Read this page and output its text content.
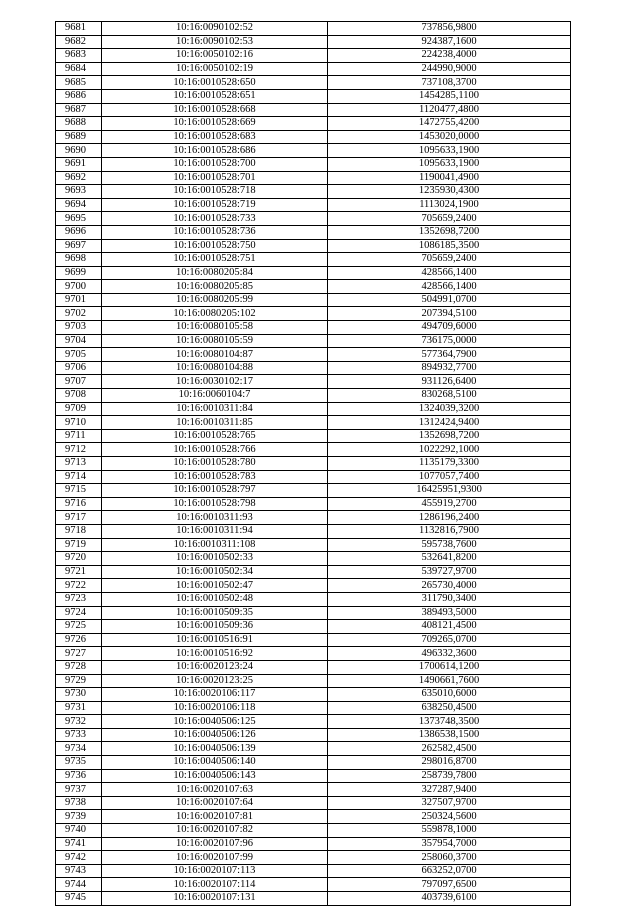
9681	10:16:0090102:52	737856,9800
9682	10:16:0090102:53	924387,1600
9683	10:16:0050102:16	224238,4000
9684	10:16:0050102:19	244990,9000
9685	10:16:0010528:650	737108,3700
9686	10:16:0010528:651	1454285,1100
9687	10:16:0010528:668	1120477,4800
9688	10:16:0010528:669	1472755,4200
9689	10:16:0010528:683	1453020,0000
9690	10:16:0010528:686	1095633,1900
9691	10:16:0010528:700	1095633,1900
9692	10:16:0010528:701	1190041,4900
9693	10:16:0010528:718	1235930,4300
9694	10:16:0010528:719	1113024,1900
9695	10:16:0010528:733	705659,2400
9696	10:16:0010528:736	1352698,7200
9697	10:16:0010528:750	1086185,3500
9698	10:16:0010528:751	705659,2400
9699	10:16:0080205:84	428566,1400
9700	10:16:0080205:85	428566,1400
9701	10:16:0080205:99	504991,0700
9702	10:16:0080205:102	207394,5100
9703	10:16:0080105:58	494709,6000
9704	10:16:0080105:59	736175,0000
9705	10:16:0080104:87	577364,7900
9706	10:16:0080104:88	894932,7700
9707	10:16:0030102:17	931126,6400
9708	10:16:0060104:7	830268,5100
9709	10:16:0010311:84	1324039,3200
9710	10:16:0010311:85	1312424,9400
9711	10:16:0010528:765	1352698,7200
9712	10:16:0010528:766	1022292,1000
9713	10:16:0010528:780	1135179,3300
9714	10:16:0010528:783	1077057,7400
9715	10:16:0010528:797	16425951,9300
9716	10:16:0010528:798	455919,2700
9717	10:16:0010311:93	1286196,2400
9718	10:16:0010311:94	1132816,7900
9719	10:16:0010311:108	595738,7600
9720	10:16:0010502:33	532641,8200
9721	10:16:0010502:34	539727,9700
9722	10:16:0010502:47	265730,4000
9723	10:16:0010502:48	311790,3400
9724	10:16:0010509:35	389493,5000
9725	10:16:0010509:36	408121,4500
9726	10:16:0010516:91	709265,0700
9727	10:16:0010516:92	496332,3600
9728	10:16:0020123:24	1700614,1200
9729	10:16:0020123:25	1490661,7600
9730	10:16:0020106:117	635010,6000
9731	10:16:0020106:118	638250,4500
9732	10:16:0040506:125	1373748,3500
9733	10:16:0040506:126	1386538,1500
9734	10:16:0040506:139	262582,4500
9735	10:16:0040506:140	298016,8700
9736	10:16:0040506:143	258739,7800
9737	10:16:0020107:63	327287,9400
9738	10:16:0020107:64	327507,9700
9739	10:16:0020107:81	250324,5600
9740	10:16:0020107:82	559878,1000
9741	10:16:0020107:96	357954,7000
9742	10:16:0020107:99	258060,3700
9743	10:16:0020107:113	663252,0700
9744	10:16:0020107:114	797097,6500
9745	10:16:0020107:131	403739,6100
